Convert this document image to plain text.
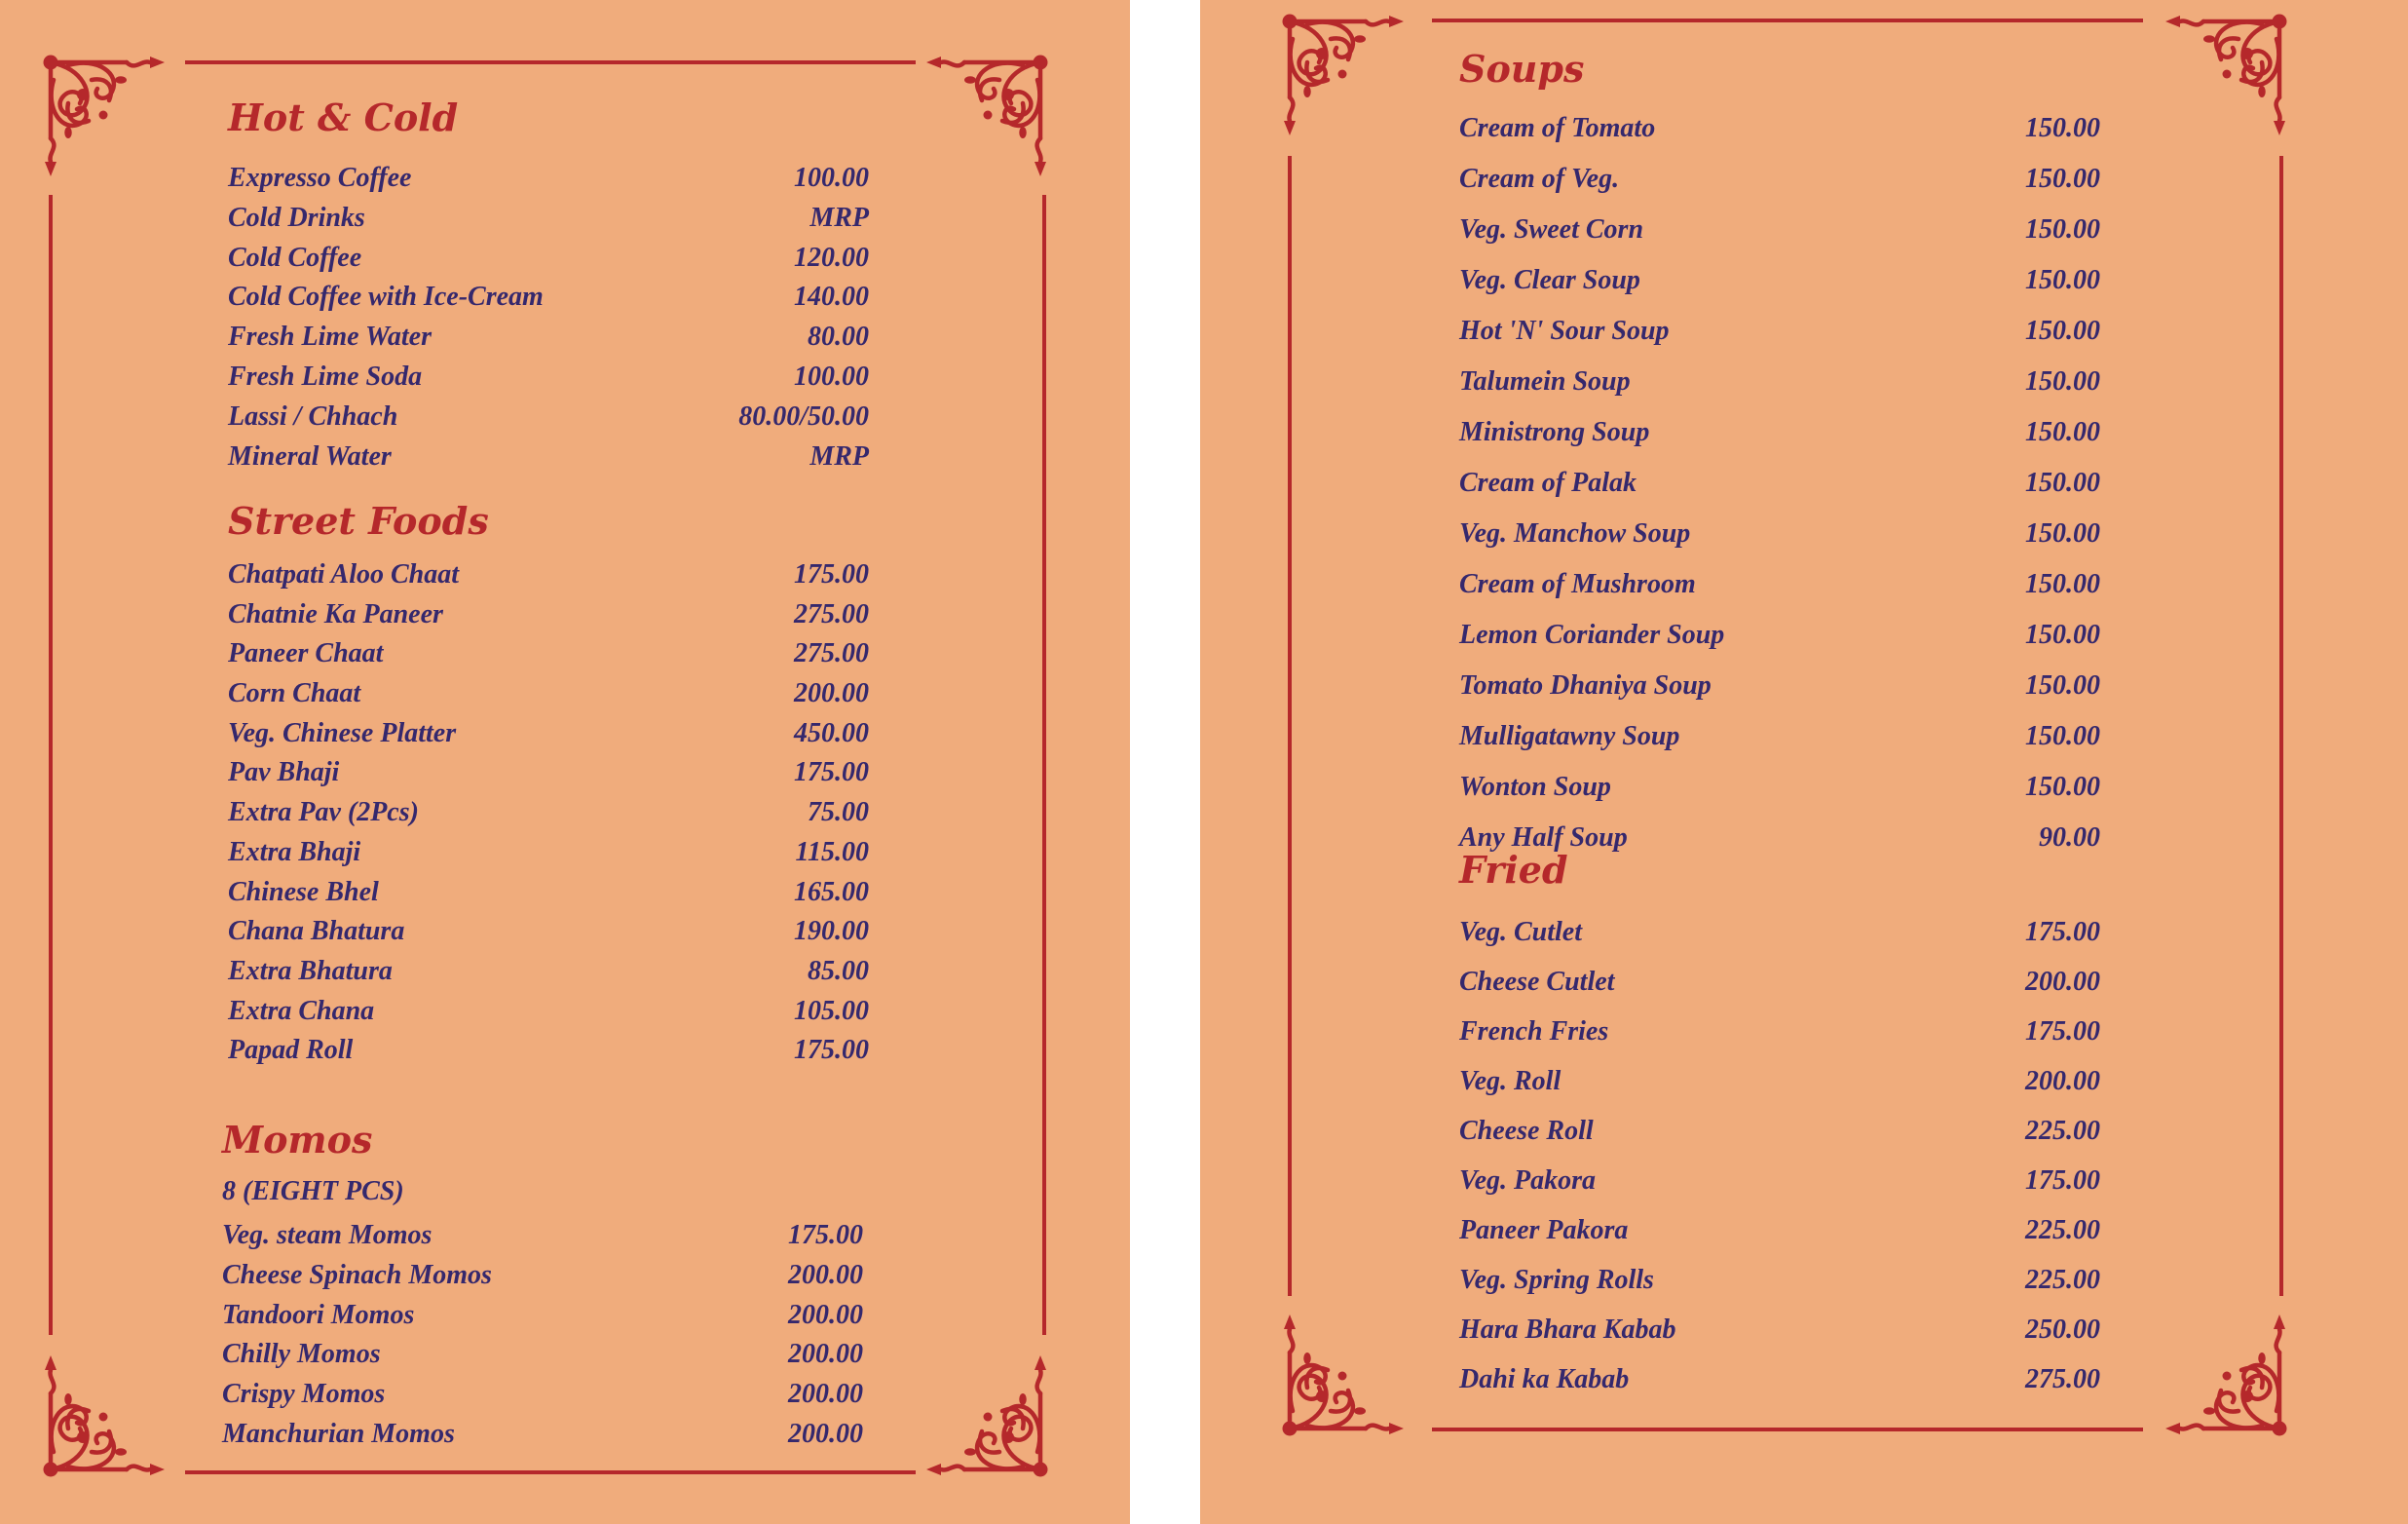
Hot & Cold
Expresso Coffee	100.00
Cold Drinks	MRP
Cold Coffee	120.00
Cold Coffee with Ice-Cream	140.00
Fresh Lime Water	80.00
Fresh Lime Soda	100.00
Lassi / Chhach	80.00/50.00
Mineral Water	MRP
Street Foods
Chatpati Aloo Chaat	175.00
Chatnie Ka Paneer	275.00
Paneer Chaat	275.00
Corn Chaat	200.00
Veg. Chinese Platter	450.00
Pav Bhaji	175.00
Extra Pav (2Pcs)	75.00
Extra Bhaji	115.00
Chinese Bhel	165.00
Chana Bhatura	190.00
Extra Bhatura	85.00
Extra Chana	105.00
Papad Roll	175.00
Momos
8 (EIGHT PCS)
Veg. steam Momos	175.00
Cheese Spinach Momos	200.00
Tandoori Momos	200.00
Chilly Momos	200.00
Crispy Momos	200.00
Manchurian Momos	200.00
Soups
Cream of Tomato	150.00
Cream of Veg.	150.00
Veg. Sweet Corn	150.00
Veg. Clear Soup	150.00
Hot 'N' Sour Soup	150.00
Talumein Soup	150.00
Ministrong Soup	150.00
Cream of Palak	150.00
Veg. Manchow Soup	150.00
Cream of Mushroom	150.00
Lemon Coriander Soup	150.00
Tomato Dhaniya Soup	150.00
Mulligatawny Soup	150.00
Wonton Soup	150.00
Any Half Soup	90.00
Fried
Veg. Cutlet	175.00
Cheese Cutlet	200.00
French Fries	175.00
Veg. Roll	200.00
Cheese Roll	225.00
Veg. Pakora	175.00
Paneer Pakora	225.00
Veg. Spring Rolls	225.00
Hara Bhara Kabab	250.00
Dahi ka Kabab	275.00
